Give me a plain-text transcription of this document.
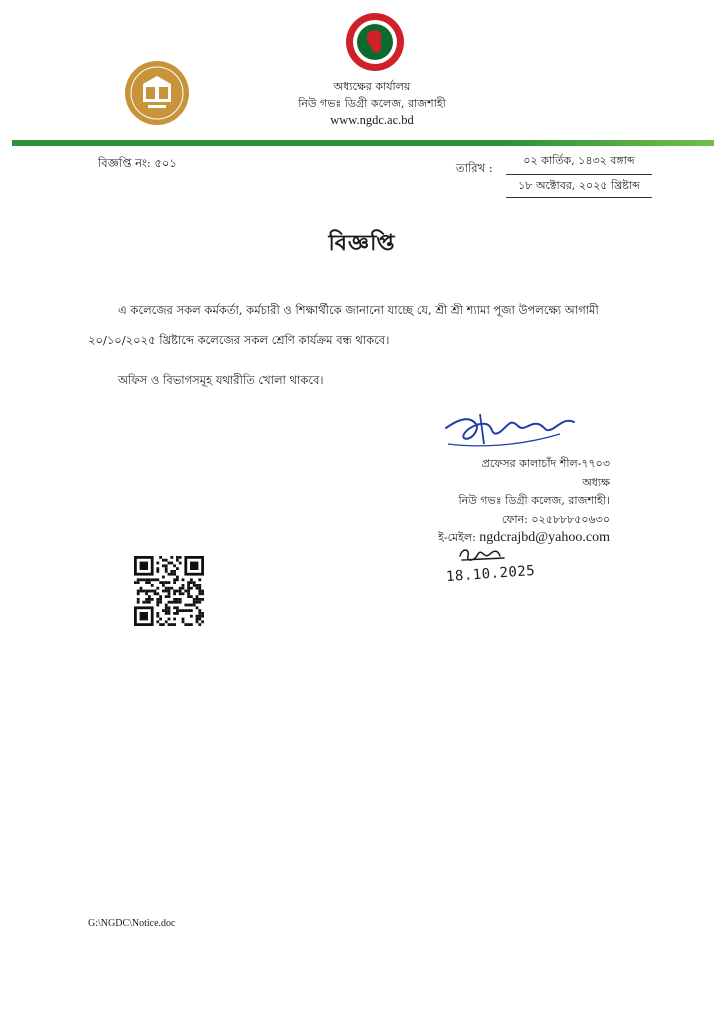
অধ্যক্ষের কার্যালয়
নিউ গভঃ ডিগ্রী কলেজ, রাজশাহী
www.ngdc.ac.bd
বিজ্ঞপ্তি নং: ৫০১	তারিখ :
০২ কার্তিক, ১৪৩২ বঙ্গাব্দ
১৮ অক্টোবর, ২০২৫ খ্রিষ্টাব্দ
বিজ্ঞপ্তি
এ কলেজের সকল কর্মকর্তা, কর্মচারী ও শিক্ষার্থীকে জানানো যাচ্ছে যে, শ্রী শ্রী শ্যামা পূজা উপলক্ষ্যে আগামী ২০/১০/২০২৫ খ্রিষ্টাব্দে কলেজের সকল শ্রেণি কার্যক্রম বন্ধ থাকবে।
অফিস ও বিভাগসমূহ যথারীতি খোলা থাকবে।
প্রফেসর কালাচাঁদ শীল-৭৭০৩
অধ্যক্ষ
নিউ গভঃ ডিগ্রী কলেজ, রাজশাহী।
ফোন: ০২৫৮৮৮৫০৬৩০
ই-মেইল: ngdcrajbd@yahoo.com
18.10.2025
G:\NGDC\Notice.doc
